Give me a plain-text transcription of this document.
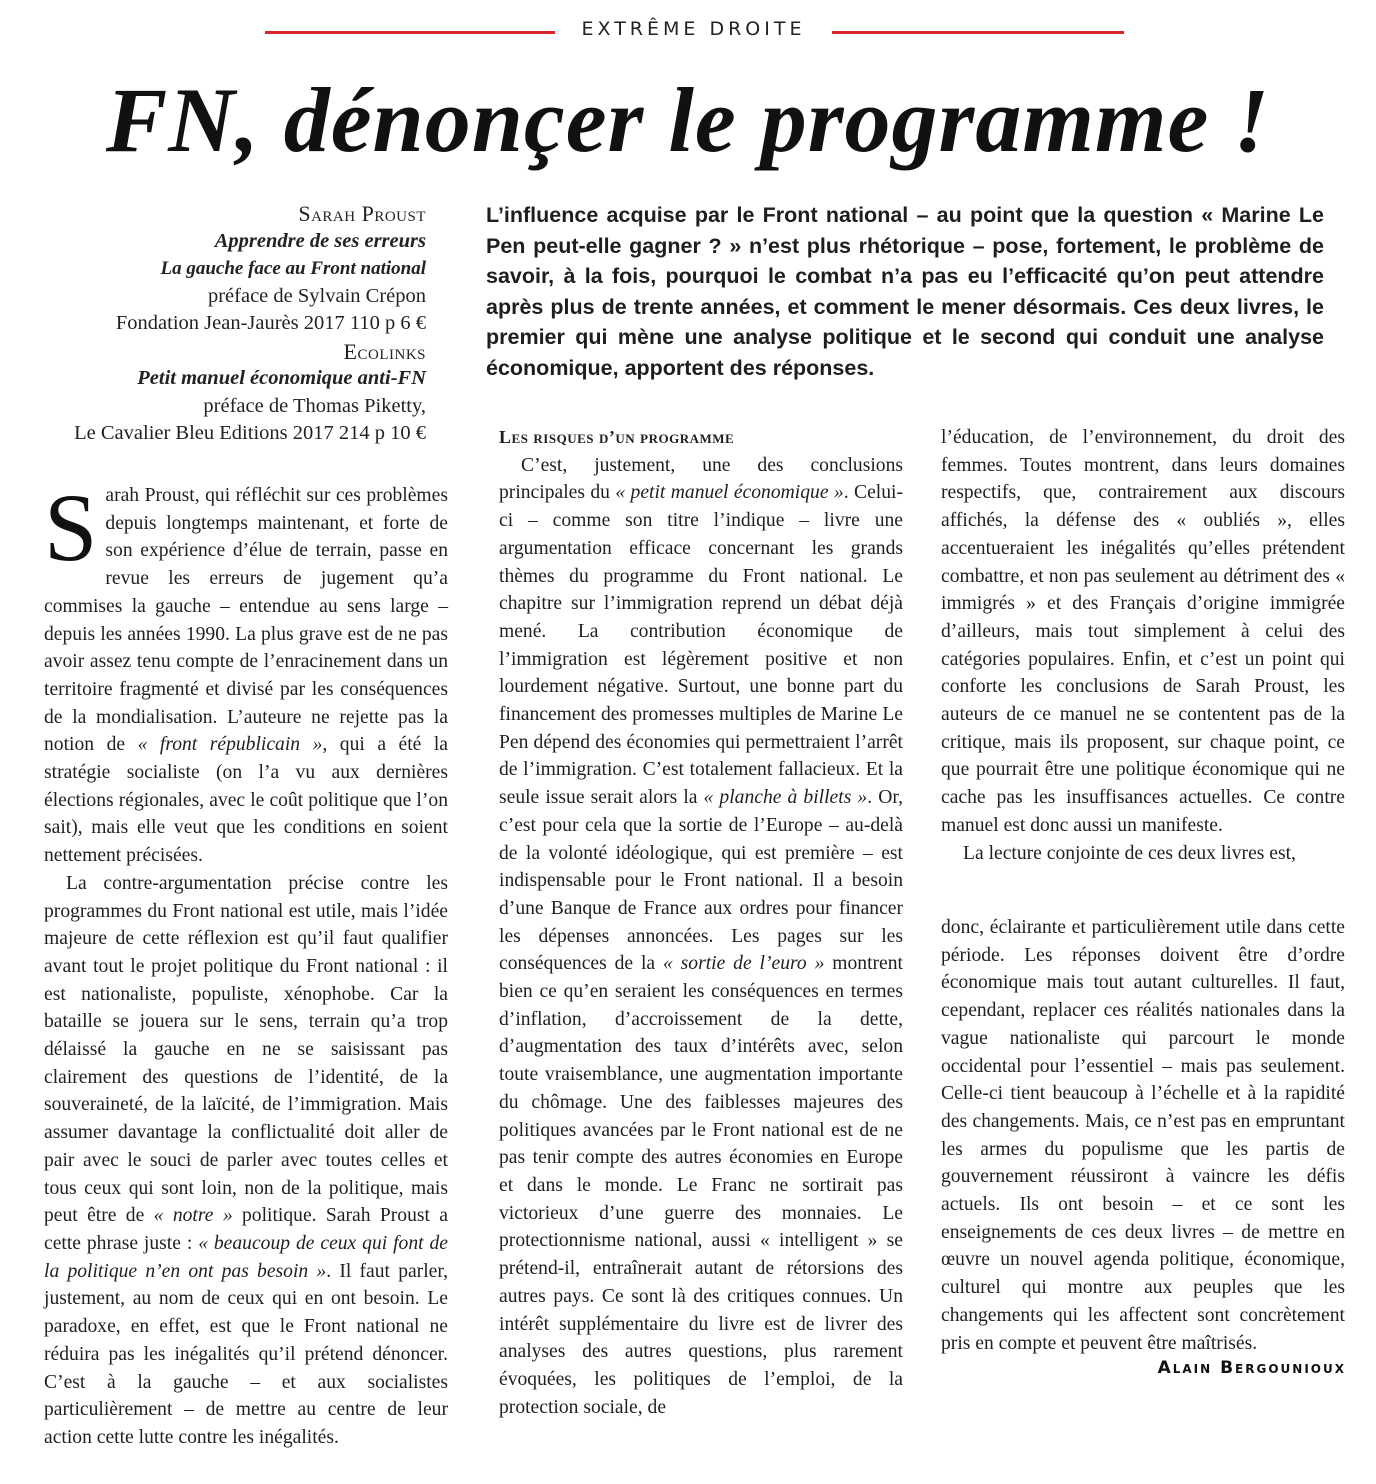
EXTRÊME DROITE
FN, dénonçer le programme !
Sarah Proust
Apprendre de ses erreurs
La gauche face au Front national
préface de Sylvain Crépon
Fondation Jean-Jaurès 2017 110 p 6 €
Ecolinks
Petit manuel économique anti-FN
préface de Thomas Piketty,
Le Cavalier Bleu Editions 2017 214 p 10 €
L’influence acquise par le Front national – au point que la question « Marine Le Pen peut-elle gagner ? » n’est plus rhétorique – pose, fortement, le problème de savoir, à la fois, pourquoi le combat n’a pas eu l’efficacité qu’on peut attendre après plus de trente années, et comment le mener désormais. Ces deux livres, le premier qui mène une analyse politique et le second qui conduit une analyse économique, apportent des réponses.

Sarah Proust, qui réfléchit sur ces problèmes depuis longtemps maintenant, et forte de son expérience d’élue de terrain, passe en revue les erreurs de jugement qu’a commises la gauche – entendue au sens large – depuis les années 1990. La plus grave est de ne pas avoir assez tenu compte de l’enracinement dans un territoire fragmenté et divisé par les conséquences de la mondialisation. L’auteure ne rejette pas la notion de « front républicain », qui a été la stratégie socialiste (on l’a vu aux dernières élections régionales, avec le coût politique que l’on sait), mais elle veut que les conditions en soient nettement précisées.

La contre-argumentation précise contre les programmes du Front national est utile, mais l’idée majeure de cette réflexion est qu’il faut qualifier avant tout le projet politique du Front national : il est nationaliste, populiste, xénophobe. Car la bataille se jouera sur le sens, terrain qu’a trop délaissé la gauche en ne se saisissant pas clairement des questions de l’identité, de la souveraineté, de la laïcité, de l’immigration. Mais assumer davantage la conflictualité doit aller de pair avec le souci de parler avec toutes celles et tous ceux qui sont loin, non de la politique, mais peut être de « notre » politique. Sarah Proust a cette phrase juste : « beaucoup de ceux qui font de la politique n’en ont pas besoin ». Il faut parler, justement, au nom de ceux qui en ont besoin. Le paradoxe, en effet, est que le Front national ne réduira pas les inégalités qu’il prétend dénoncer. C’est à la gauche – et aux socialistes particulièrement – de mettre au centre de leur action cette lutte contre les inégalités.

Les risques d’un programme

C’est, justement, une des conclusions principales du « petit manuel économique ». Celui-ci – comme son titre l’indique – livre une argumentation efficace concernant les grands thèmes du programme du Front national. Le chapitre sur l’immigration reprend un débat déjà mené. La contribution économique de l’immigration est légèrement positive et non lourdement négative. Surtout, une bonne part du financement des promesses multiples de Marine Le Pen dépend des économies qui permettraient l’arrêt de l’immigration. C’est totalement fallacieux. Et la seule issue serait alors la « planche à billets ». Or, c’est pour cela que la sortie de l’Europe – au-delà de la volonté idéologique, qui est première – est indispensable pour le Front national. Il a besoin d’une Banque de France aux ordres pour financer les dépenses annoncées. Les pages sur les conséquences de la « sortie de l’euro » montrent bien ce qu’en seraient les conséquences en termes d’inflation, d’accroissement de la dette, d’augmentation des taux d’intérêts avec, selon toute vraisemblance, une augmentation importante du chômage. Une des faiblesses majeures des politiques avancées par le Front national est de ne pas tenir compte des autres économies en Europe et dans le monde. Le Franc ne sortirait pas victorieux d’une guerre des monnaies. Le protectionnisme national, aussi « intelligent » se prétend-il, entraînerait autant de rétorsions des autres pays. Ce sont là des critiques connues. Un intérêt supplémentaire du livre est de livrer des analyses des autres questions, plus rarement évoquées, les politiques de l’emploi, de la protection sociale, de

l’éducation, de l’environnement, du droit des femmes. Toutes montrent, dans leurs domaines respectifs, que, contrairement aux discours affichés, la défense des « oubliés », elles accentueraient les inégalités qu’elles prétendent combattre, et non pas seulement au détriment des « immigrés » et des Français d’origine immigrée d’ailleurs, mais tout simplement à celui des catégories populaires. Enfin, et c’est un point qui conforte les conclusions de Sarah Proust, les auteurs de ce manuel ne se contentent pas de la critique, mais ils proposent, sur chaque point, ce que pourrait être une politique économique qui ne cache pas les insuffisances actuelles. Ce contre manuel est donc aussi un manifeste.

La lecture conjointe de ces deux livres est,

donc, éclairante et particulièrement utile dans cette période. Les réponses doivent être d’ordre économique mais tout autant culturelles. Il faut, cependant, replacer ces réalités nationales dans la vague nationaliste qui parcourt le monde occidental pour l’essentiel – mais pas seulement. Celle-ci tient beaucoup à l’échelle et à la rapidité des changements. Mais, ce n’est pas en empruntant les armes du populisme que les partis de gouvernement réussiront à vaincre les défis actuels. Ils ont besoin – et ce sont les enseignements de ces deux livres – de mettre en œuvre un nouvel agenda politique, économique, culturel qui montre aux peuples que les changements qui les affectent sont concrètement pris en compte et peuvent être maîtrisés.

Alain Bergounioux
